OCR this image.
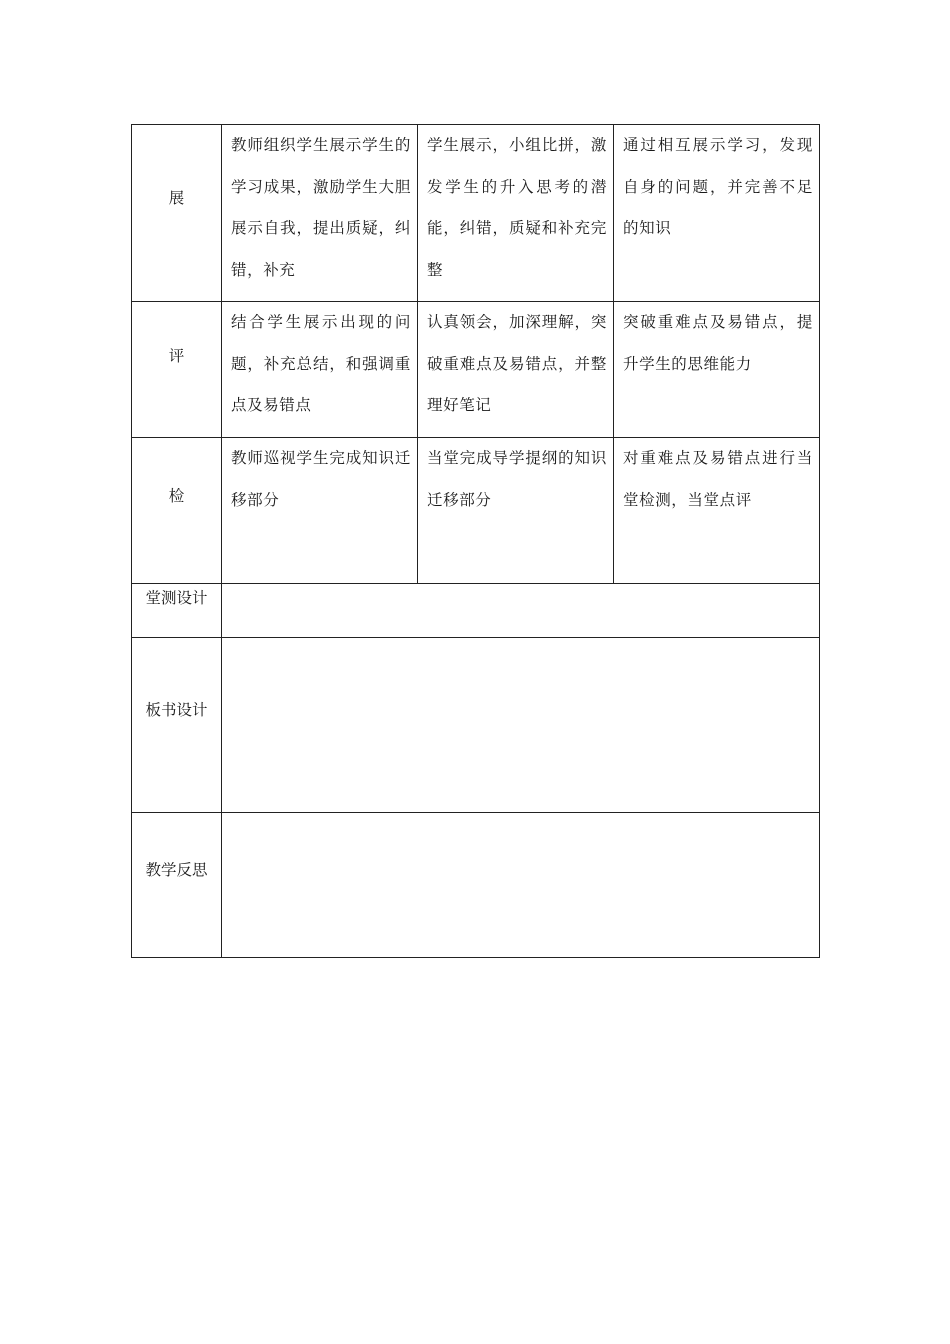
展	教师组织学生展示学生的学习成果，激励学生大胆展示自我，提出质疑，纠错，补充	学生展示，小组比拼，激发学生的升入思考的潜能，纠错，质疑和补充完整	通过相互展示学习，发现自身的问题，并完善不足的知识

评	结合学生展示出现的问题，补充总结，和强调重点及易错点	认真领会，加深理解，突破重难点及易错点，并整理好笔记	突破重难点及易错点，提升学生的思维能力

检	教师巡视学生完成知识迁移部分	当堂完成导学提纲的知识迁移部分	对重难点及易错点进行当堂检测，当堂点评

堂测设计			

板书设计			

教学反思			
